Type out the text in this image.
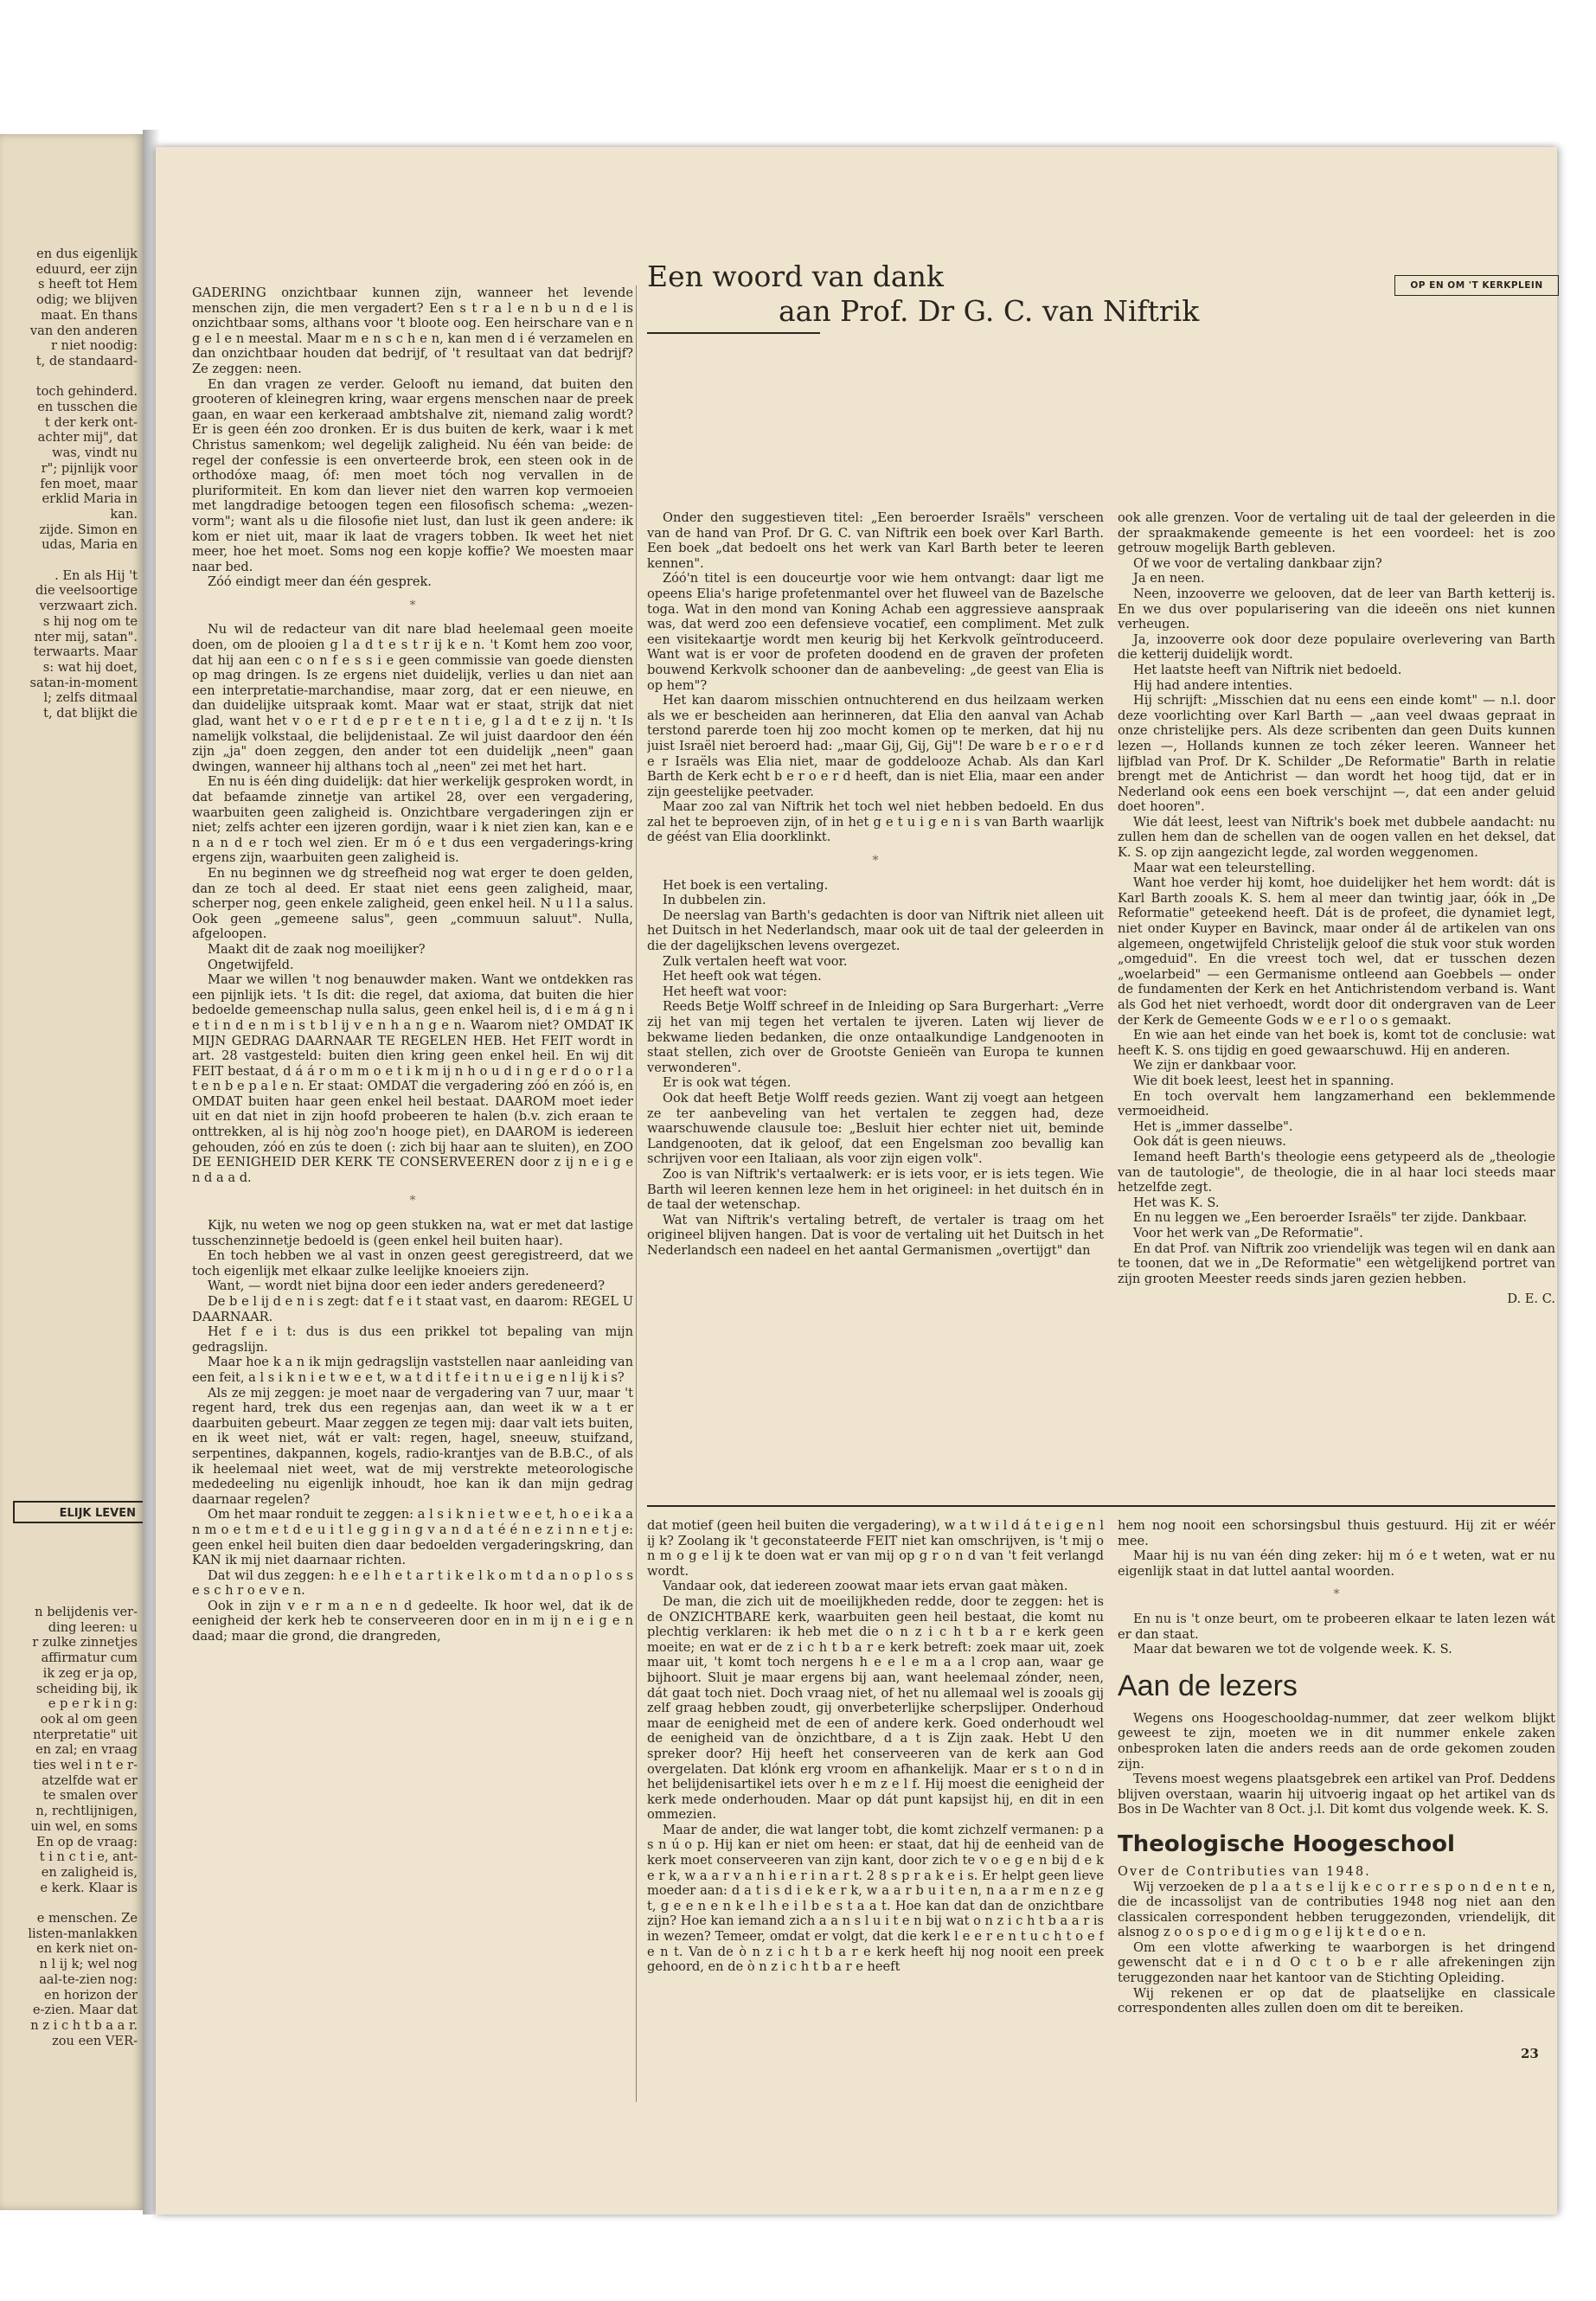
en dus eigenlijk
eduurd, eer zijn
s heeft tot Hem
odig; we blijven
maat. En thans
van den anderen
r niet noodig:
t, de standaard-

toch gehinderd.
en tusschen die
t der kerk ont-
achter mij", dat
was, vindt nu
r"; pijnlijk voor
fen moet, maar
erklid Maria in
kan.
zijde. Simon en
udas, Maria en

. En als Hij 't
die veelsoortige
verzwaart zich.
s hij nog om te
nter mij, satan".
terwaarts. Maar
s: wat hij doet,
satan-in-moment
l; zelfs ditmaal
t, dat blijkt die
ELIJK LEVEN
n belijdenis ver-
ding leeren: u
r zulke zinnetjes
affirmatur cum
ik zeg er ja op,
scheiding bij, ik
e p e r k i n g:
ook al om geen
nterpretatie" uit
en zal; en vraag
ties wel i n t e r-
atzelfde wat er
te smalen over
n, rechtlijnigen,
uin wel, en soms
En op de vraag:
t i n c t i e, ant-
en zaligheid is,
e kerk. Klaar is

e menschen. Ze
listen-manlakken
en kerk niet on-
n l ij k; wel nog
aal-te-zien nog:
en horizon der
e-zien. Maar dat
n z i c h t b a a r.
zou een VER-

GADERING onzichtbaar kunnen zijn, wanneer het levende menschen zijn, die men vergadert? Een s t r a l e n b u n d e l is onzichtbaar soms, althans voor 't bloote oog. Een heirschare van e n g e l e n meestal. Maar m e n s c h e n, kan men d i é verzamelen en dan onzichtbaar houden dat bedrijf, of 't resultaat van dat bedrijf? Ze zeggen: neen.

En dan vragen ze verder. Gelooft nu iemand, dat buiten den grooteren of kleinegren kring, waar ergens menschen naar de preek gaan, en waar een kerkeraad ambtshalve zit, niemand zalig wordt? Er is geen één zoo dronken. Er is dus buiten de kerk, waar i k met Christus samenkom; wel degelijk zaligheid. Nu één van beide: de regel der confessie is een onverteerde brok, een steen ook in de orthodóxe maag, óf: men moet tóch nog vervallen in de pluriformiteit. En kom dan liever niet den warren kop vermoeien met langdradige betoogen tegen een filosofisch schema: „wezen-vorm"; want als u die filosofie niet lust, dan lust ik geen andere: ik kom er niet uit, maar ik laat de vragers tobben. Ik weet het niet meer, hoe het moet. Soms nog een kopje koffie? We moesten maar naar bed.

Zóó eindigt meer dan één gesprek.

*

Nu wil de redacteur van dit nare blad heelemaal geen moeite doen, om de plooien g l a d t e s t r ij k e n. 't Komt hem zoo voor, dat hij aan een c o n f e s s i e geen commissie van goede diensten op mag dringen. Is ze ergens niet duidelijk, verlies u dan niet aan een interpretatie-marchandise, maar zorg, dat er een nieuwe, en dan duidelijke uitspraak komt. Maar wat er staat, strijk dat niet glad, want het v o e r t d e p r e t e n t i e, g l a d t e z ij n. 't Is namelijk volkstaal, die belijdenistaal. Ze wil juist daardoor den één zijn „ja" doen zeggen, den ander tot een duidelijk „neen" gaan dwingen, wanneer hij althans toch al „neen" zei met het hart.

En nu is één ding duidelijk: dat hier werkelijk gesproken wordt, in dat befaamde zinnetje van artikel 28, over een vergadering, waarbuiten geen zaligheid is. Onzichtbare vergaderingen zijn er niet; zelfs achter een ijzeren gordijn, waar i k niet zien kan, kan e e n a n d e r toch wel zien. Er m ó e t dus een vergaderings-kring ergens zijn, waarbuiten geen zaligheid is.

En nu beginnen we dg streefheid nog wat erger te doen gelden, dan ze toch al deed. Er staat niet eens geen zaligheid, maar, scherper nog, geen enkele zaligheid, geen enkel heil. N u l l a salus. Ook geen „gemeene salus", geen „commuun saluut". Nulla, afgeloopen.

Maakt dit de zaak nog moeilijker?

Ongetwijfeld.

Maar we willen 't nog benauwder maken. Want we ontdekken ras een pijnlijk iets. 't Is dit: die regel, dat axioma, dat buiten die hier bedoelde gemeenschap nulla salus, geen enkel heil is, d i e m á g n i e t i n d e n m i s t b l ij v e n h a n g e n. Waarom niet? OMDAT IK MIJN GEDRAG DAARNAAR TE REGELEN HEB. Het FEIT wordt in art. 28 vastgesteld: buiten dien kring geen enkel heil. En wij dit FEIT bestaat, d á á r o m m o e t i k m ij n h o u d i n g e r d o o r l a t e n b e p a l e n. Er staat: OMDAT die vergadering zóó en zóó is, en OMDAT buiten haar geen enkel heil bestaat. DAAROM moet ieder uit en dat niet in zijn hoofd probeeren te halen (b.v. zich eraan te onttrekken, al is hij nòg zoo'n hooge piet), en DAAROM is iedereen gehouden, zóó en zús te doen (: zich bij haar aan te sluiten), en ZOO DE EENIGHEID DER KERK TE CONSERVEEREN door z ij n e i g e n d a a d.

*

Kijk, nu weten we nog op geen stukken na, wat er met dat lastige tusschenzinnetje bedoeld is (geen enkel heil buiten haar).

En toch hebben we al vast in onzen geest geregistreerd, dat we toch eigenlijk met elkaar zulke leelijke knoeiers zijn.

Want, — wordt niet bijna door een ieder anders geredeneerd?

De b e l ij d e n i s zegt: dat f e i t staat vast, en daarom: REGEL U DAARNAAR.

Het f e i t: dus is dus een prikkel tot bepaling van mijn gedragslijn.

Maar hoe k a n ik mijn gedragslijn vaststellen naar aanleiding van een feit, a l s i k n i e t w e e t, w a t d i t f e i t n u e i g e n l ij k i s?

Als ze mij zeggen: je moet naar de vergadering van 7 uur, maar 't regent hard, trek dus een regenjas aan, dan weet ik w a t er daarbuiten gebeurt. Maar zeggen ze tegen mij: daar valt iets buiten, en ik weet niet, wát er valt: regen, hagel, sneeuw, stuifzand, serpentines, dakpannen, kogels, radio-krantjes van de B.B.C., of als ik heelemaal niet weet, wat de mij verstrekte meteorologische mededeeling nu eigenlijk inhoudt, hoe kan ik dan mijn gedrag daarnaar regelen?

Om het maar ronduit te zeggen: a l s i k n i e t w e e t, h o e i k a a n m o e t m e t d e u i t l e g g i n g v a n d a t é é n e z i n n e t j e: geen enkel heil buiten dien daar bedoelden vergaderingskring, dan KAN ik mij niet daarnaar richten.

Dat wil dus zeggen: h e e l h e t a r t i k e l k o m t d a n o p l o s s e s c h r o e v e n.

Ook in zijn v e r m a n e n d gedeelte. Ik hoor wel, dat ik de eenigheid der kerk heb te conserveeren door en in m ij n e i g e n daad; maar die grond, die drangreden,

Een woord van dank
aan Prof. Dr G. C. van Niftrik
OP EN OM 'T KERKPLEIN

Onder den suggestieven titel: „Een beroerder Israëls" verscheen van de hand van Prof. Dr G. C. van Niftrik een boek over Karl Barth. Een boek „dat bedoelt ons het werk van Karl Barth beter te leeren kennen".

Zóó'n titel is een douceurtje voor wie hem ontvangt: daar ligt me opeens Elia's harige profetenmantel over het fluweel van de Bazelsche toga. Wat in den mond van Koning Achab een aggressieve aanspraak was, dat werd zoo een defensieve vocatief, een compliment. Met zulk een visitekaartje wordt men keurig bij het Kerkvolk geïntroduceerd. Want wat is er voor de profeten doodend en de graven der profeten bouwend Kerkvolk schooner dan de aanbeveling: „de geest van Elia is op hem"?

Het kan daarom misschien ontnuchterend en dus heilzaam werken als we er bescheiden aan herinneren, dat Elia den aanval van Achab terstond parerde toen hij zoo mocht komen op te merken, dat hij nu juist Israël niet beroerd had: „maar Gij, Gij, Gij"! De ware b e r o e r d e r Israëls was Elia niet, maar de goddelooze Achab. Als dan Karl Barth de Kerk echt b e r o e r d heeft, dan is niet Elia, maar een ander zijn geestelijke peetvader.

Maar zoo zal van Niftrik het toch wel niet hebben bedoeld. En dus zal het te beproeven zijn, of in het g e t u i g e n i s van Barth waarlijk de géést van Elia doorklinkt.

*

Het boek is een vertaling.

In dubbelen zin.

De neerslag van Barth's gedachten is door van Niftrik niet alleen uit het Duitsch in het Nederlandsch, maar ook uit de taal der geleerden in die der dagelijkschen levens overgezet.

Zulk vertalen heeft wat voor.

Het heeft ook wat tégen.

Het heeft wat voor:

Reeds Betje Wolff schreef in de Inleiding op Sara Burgerhart: „Verre zij het van mij tegen het vertalen te ijveren. Laten wij liever de bekwame lieden bedanken, die onze ontaalkundige Landgenooten in staat stellen, zich over de Grootste Genieën van Europa te kunnen verwonderen".

Er is ook wat tégen.

Ook dat heeft Betje Wolff reeds gezien. Want zij voegt aan hetgeen ze ter aanbeveling van het vertalen te zeggen had, deze waarschuwende clausule toe: „Besluit hier echter niet uit, beminde Landgenooten, dat ik geloof, dat een Engelsman zoo bevallig kan schrijven voor een Italiaan, als voor zijn eigen volk".

Zoo is van Niftrik's vertaalwerk: er is iets voor, er is iets tegen. Wie Barth wil leeren kennen leze hem in het origineel: in het duitsch én in de taal der wetenschap.

Wat van Niftrik's vertaling betreft, de vertaler is traag om het origineel blijven hangen. Dat is voor de vertaling uit het Duitsch in het Nederlandsch een nadeel en het aantal Germanismen „overtijgt" dan

ook alle grenzen. Voor de vertaling uit de taal der geleerden in die der spraakmakende gemeente is het een voordeel: het is zoo getrouw mogelijk Barth gebleven.

Of we voor de vertaling dankbaar zijn?

Ja en neen.

Neen, inzooverre we gelooven, dat de leer van Barth ketterij is. En we dus over popularisering van die ideeën ons niet kunnen verheugen.

Ja, inzooverre ook door deze populaire overlevering van Barth die ketterij duidelijk wordt.

Het laatste heeft van Niftrik niet bedoeld.

Hij had andere intenties.

Hij schrijft: „Misschien dat nu eens een einde komt" — n.l. door deze voorlichting over Karl Barth — „aan veel dwaas gepraat in onze christelijke pers. Als deze scribenten dan geen Duits kunnen lezen —, Hollands kunnen ze toch zéker leeren. Wanneer het lijfblad van Prof. Dr K. Schilder „De Reformatie" Barth in relatie brengt met de Antichrist — dan wordt het hoog tijd, dat er in Nederland ook eens een boek verschijnt —, dat een ander geluid doet hooren".

Wie dát leest, leest van Niftrik's boek met dubbele aandacht: nu zullen hem dan de schellen van de oogen vallen en het deksel, dat K. S. op zijn aangezicht legde, zal worden weggenomen.

Maar wat een teleurstelling.

Want hoe verder hij komt, hoe duidelijker het hem wordt: dát is Karl Barth zooals K. S. hem al meer dan twintig jaar, óók in „De Reformatie" geteekend heeft. Dát is de profeet, die dynamiet legt, niet onder Kuyper en Bavinck, maar onder ál de artikelen van ons algemeen, ongetwijfeld Christelijk geloof die stuk voor stuk worden „omgeduid". En die vreest toch wel, dat er tusschen dezen „woelarbeid" — een Germanisme ontleend aan Goebbels — onder de fundamenten der Kerk en het Antichristendom verband is. Want als God het niet verhoedt, wordt door dit ondergraven van de Leer der Kerk de Gemeente Gods w e e r l o o s gemaakt.

En wie aan het einde van het boek is, komt tot de conclusie: wat heeft K. S. ons tijdig en goed gewaarschuwd. Hij en anderen.

We zijn er dankbaar voor.

Wie dit boek leest, leest het in spanning.

En toch overvalt hem langzamerhand een beklemmende vermoeidheid.

Het is „immer dasselbe".

Ook dát is geen nieuws.

Iemand heeft Barth's theologie eens getypeerd als de „theologie van de tautologie", de theologie, die in al haar loci steeds maar hetzelfde zegt.

Het was K. S.

En nu leggen we „Een beroerder Israëls" ter zijde. Dankbaar.

Voor het werk van „De Reformatie".

En dat Prof. van Niftrik zoo vriendelijk was tegen wil en dank aan te toonen, dat we in „De Reformatie" een wètgelijkend portret van zijn grooten Meester reeds sinds jaren gezien hebben.

D. E. C.

dat motief (geen heil buiten die vergadering), w a t w i l d á t e i g e n l ij k? Zoolang ik 't geconstateerde FEIT niet kan omschrijven, is 't mij o n m o g e l ij k te doen wat er van mij op g r o n d van 't feit verlangd wordt.

Vandaar ook, dat iedereen zoowat maar iets ervan gaat màken.

De man, die zich uit de moeilijkheden redde, door te zeggen: het is de ONZICHTBARE kerk, waarbuiten geen heil bestaat, die komt nu plechtig verklaren: ik heb met die o n z i c h t b a r e kerk geen moeite; en wat er de z i c h t b a r e kerk betreft: zoek maar uit, zoek maar uit, 't komt toch nergens h e e l e m a a l crop aan, waar ge bijhoort. Sluit je maar ergens bij aan, want heelemaal zónder, neen, dát gaat toch niet. Doch vraag niet, of het nu allemaal wel is zooals gij zelf graag hebben zoudt, gij onverbeterlijke scherpslijper. Onderhoud maar de eenigheid met de een of andere kerk. Goed onderhoudt wel de eenigheid van de ònzichtbare, d a t is Zijn zaak. Hebt U den spreker door? Hij heeft het conserveeren van de kerk aan God overgelaten. Dat klónk erg vroom en afhankelijk. Maar er s t o n d in het belijdenisartikel iets over h e m z e l f. Hij moest die eenigheid der kerk mede onderhouden. Maar op dát punt kapsijst hij, en dit in een ommezien.

Maar de ander, die wat langer tobt, die komt zichzelf vermanen: p a s n ú o p. Hij kan er niet om heen: er staat, dat hij de eenheid van de kerk moet conserveeren van zijn kant, door zich te v o e g e n bij d e k e r k, w a a r v a n h i e r i n a r t. 2 8 s p r a k e i s. Er helpt geen lieve moeder aan: d a t i s d i e k e r k, w a a r b u i t e n, n a a r m e n z e g t, g e e n e n k e l h e i l b e s t a a t. Hoe kan dat dan de onzichtbare zijn? Hoe kan iemand zich a a n s l u i t e n bij wat o n z i c h t b a a r is in wezen? Temeer, omdat er volgt, dat die kerk l e e r e n t u c h t o e f e n t. Van de ò n z i c h t b a r e kerk heeft hij nog nooit een preek gehoord, en de ò n z i c h t b a r e heeft

hem nog nooit een schorsingsbul thuis gestuurd. Hij zit er wéér mee.

Maar hij is nu van één ding zeker: hij m ó e t weten, wat er nu eigenlijk staat in dat luttel aantal woorden.

*

En nu is 't onze beurt, om te probeeren elkaar te laten lezen wát er dan staat.

Maar dat bewaren we tot de volgende week. K. S.

Aan de lezers

Wegens ons Hoogeschooldag-nummer, dat zeer welkom blijkt geweest te zijn, moeten we in dit nummer enkele zaken onbesproken laten die anders reeds aan de orde gekomen zouden zijn.

Tevens moest wegens plaatsgebrek een artikel van Prof. Deddens blijven overstaan, waarin hij uitvoerig ingaat op het artikel van ds Bos in De Wachter van 8 Oct. j.l. Dit komt dus volgende week. K. S.

Theologische Hoogeschool

Over de Contributies van 1948.

Wij verzoeken de p l a a t s e l ij k e c o r r e s p o n d e n t e n, die de incassolijst van de contributies 1948 nog niet aan den classicalen correspondent hebben teruggezonden, vriendelijk, dit alsnog z o o s p o e d i g m o g e l ij k t e d o e n.

Om een vlotte afwerking te waarborgen is het dringend gewenscht dat e i n d O c t o b e r alle afrekeningen zijn teruggezonden naar het kantoor van de Stichting Opleiding.

Wij rekenen er op dat de plaatselijke en classicale correspondenten alles zullen doen om dit te bereiken.

23
